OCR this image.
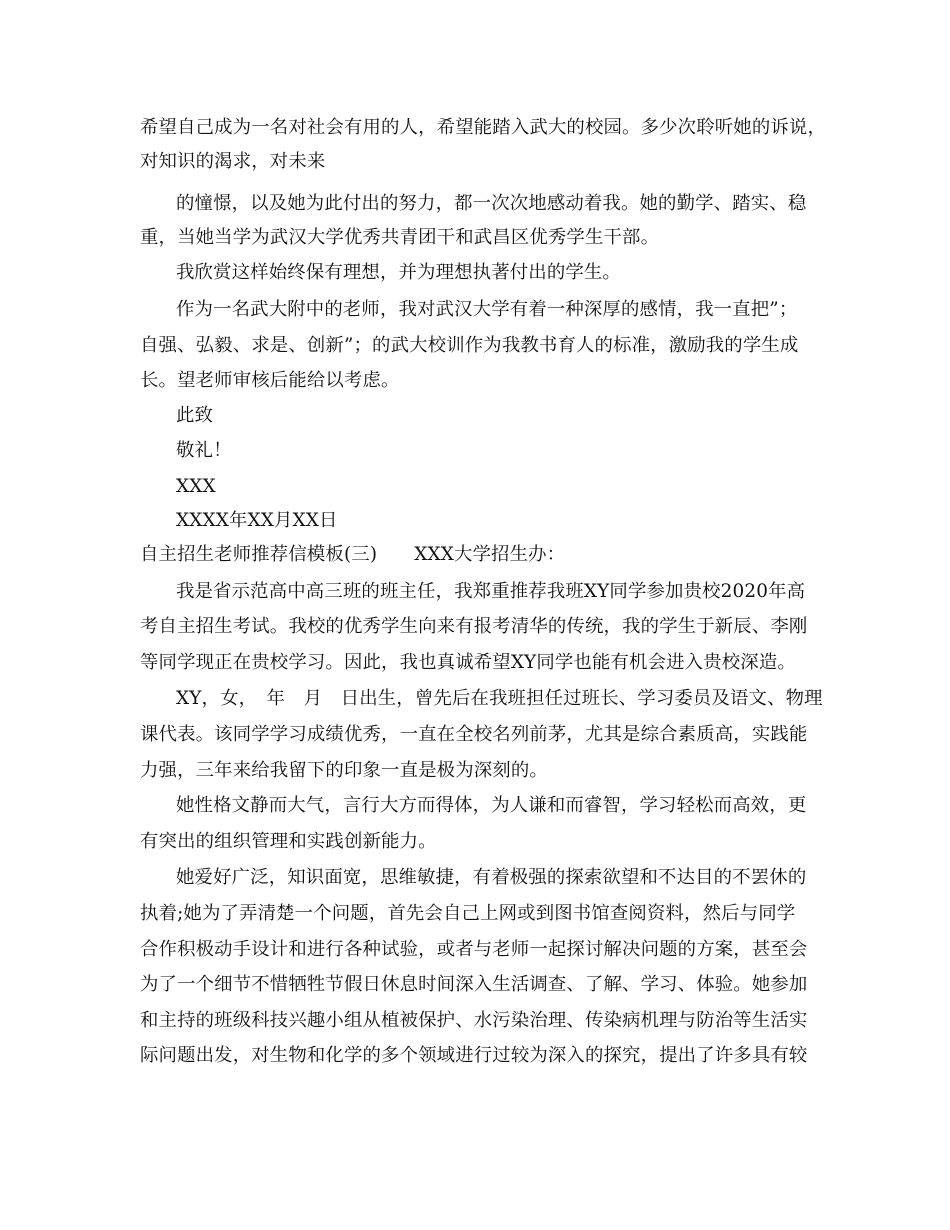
希望自己成为一名对社会有用的人，希望能踏入武大的校园。多少次聆听她的诉说，
对知识的渴求，对未来
的憧憬，以及她为此付出的努力，都一次次地感动着我。她的勤学、踏实、稳
重，当她当学为武汉大学优秀共青团干和武昌区优秀学生干部。
我欣赏这样始终保有理想，并为理想执著付出的学生。
作为一名武大附中的老师，我对武汉大学有着一种深厚的感情，我一直把”；
自强、弘毅、求是、创新”；的武大校训作为我教书育人的标准，激励我的学生成
长。望老师审核后能给以考虑。
此致
敬礼！
XXX
XXXX年XX月XX日
自主招生老师推荐信模板(三)　　XXX大学招生办：
我是省示范高中高三班的班主任，我郑重推荐我班XY同学参加贵校2020年高
考自主招生考试。我校的优秀学生向来有报考清华的传统，我的学生于新辰、李刚
等同学现正在贵校学习。因此，我也真诚希望XY同学也能有机会进入贵校深造。
XY，女，　年　月　日出生，曾先后在我班担任过班长、学习委员及语文、物理
课代表。该同学学习成绩优秀，一直在全校名列前茅，尤其是综合素质高，实践能
力强，三年来给我留下的印象一直是极为深刻的。
她性格文静而大气，言行大方而得体，为人谦和而睿智，学习轻松而高效，更
有突出的组织管理和实践创新能力。
她爱好广泛，知识面宽，思维敏捷，有着极强的探索欲望和不达目的不罢休的
执着;她为了弄清楚一个问题，首先会自己上网或到图书馆查阅资料，然后与同学
合作积极动手设计和进行各种试验，或者与老师一起探讨解决问题的方案，甚至会
为了一个细节不惜牺牲节假日休息时间深入生活调查、了解、学习、体验。她参加
和主持的班级科技兴趣小组从植被保护、水污染治理、传染病机理与防治等生活实
际问题出发，对生物和化学的多个领域进行过较为深入的探究，提出了许多具有较
